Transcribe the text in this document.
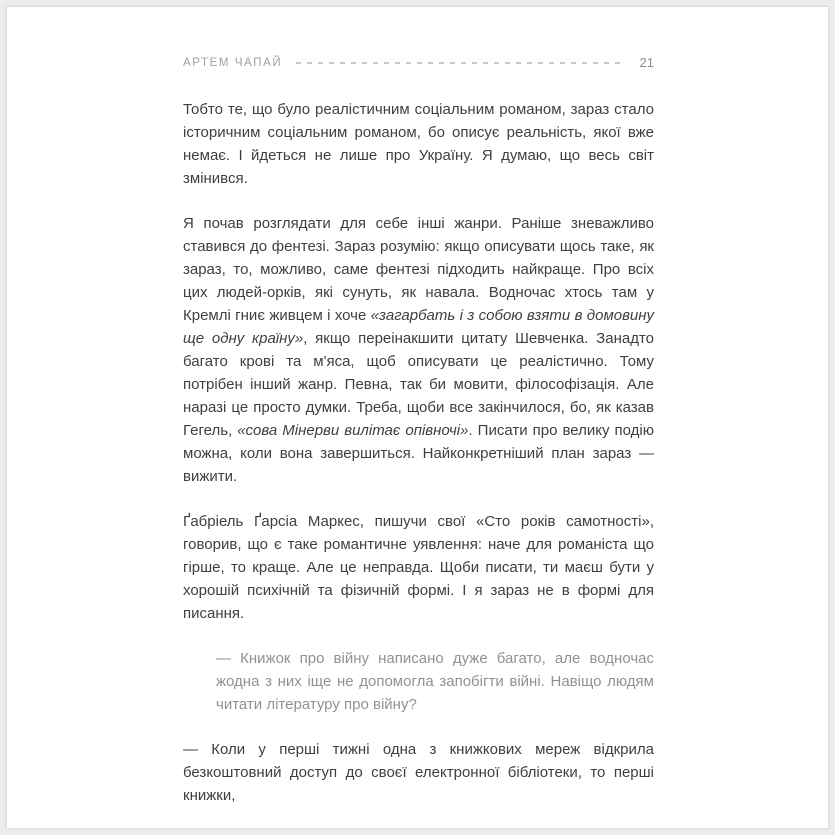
АРТЕМ ЧАПАЙ	21

Тобто те, що було реалістичним соціальним романом, зараз стало історичним соціальним романом, бо описує реальність, якої вже немає. І йдеться не лише про Україну. Я думаю, що весь світ змінився.

Я почав розглядати для себе інші жанри. Раніше зневажливо ставився до фентезі. Зараз розумію: якщо описувати щось таке, як зараз, то, можливо, саме фентезі підходить найкраще. Про всіх цих людей-орків, які сунуть, як навала. Водночас хтось там у Кремлі гниє живцем і хоче «загарбать і з собою взяти в домовину ще одну країну», якщо переінакшити цитату Шевченка. Занадто багато крові та м'яса, щоб описувати це реалістично. Тому потрібен інший жанр. Певна, так би мовити, філософізація. Але наразі це просто думки. Треба, щоби все закінчилося, бо, як казав Гегель, «сова Мінерви вилітає опівночі». Писати про велику подію можна, коли вона завершиться. Найконкретніший план зараз — вижити.

Ґабріель Ґарсіа Маркес, пишучи свої «Сто років самотності», говорив, що є таке романтичне уявлення: наче для романіста що гірше, то краще. Але це неправда. Щоби писати, ти маєш бути у хорошій психічній та фізичній формі. І я зараз не в формі для писання.

— Книжок про війну написано дуже багато, але водночас жодна з них іще не допомогла запобігти війні. Навіщо людям читати літературу про війну?

— Коли у перші тижні одна з книжкових мереж відкрила безкоштовний доступ до своєї електронної бібліотеки, то перші книжки,
